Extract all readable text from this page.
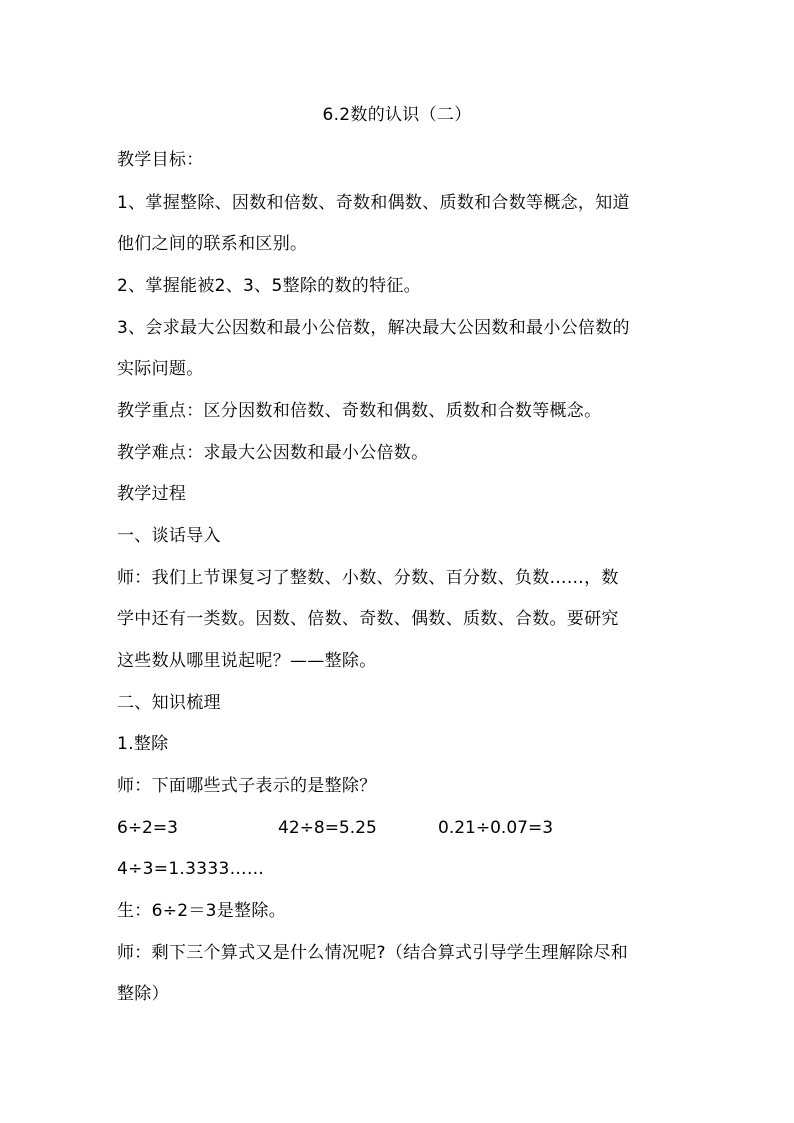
6.2数的认识（二）
教学目标：
1、掌握整除、因数和倍数、奇数和偶数、质数和合数等概念，知道
他们之间的联系和区别。
2、掌握能被2、3、5整除的数的特征。
3、会求最大公因数和最小公倍数，解决最大公因数和最小公倍数的
实际问题。
教学重点：区分因数和倍数、奇数和偶数、质数和合数等概念。
教学难点：求最大公因数和最小公倍数。
教学过程
一、谈话导入
师：我们上节课复习了整数、小数、分数、百分数、负数……，数
学中还有一类数。因数、倍数、奇数、偶数、质数、合数。要研究
这些数从哪里说起呢？——整除。
二、知识梳理
1.整除
师：下面哪些式子表示的是整除？
6÷2=3	42÷8=5.25	0.21÷0.07=3
4÷3=1.3333……
生：6÷2＝3是整除。
师：剩下三个算式又是什么情况呢?（结合算式引导学生理解除尽和
整除）
